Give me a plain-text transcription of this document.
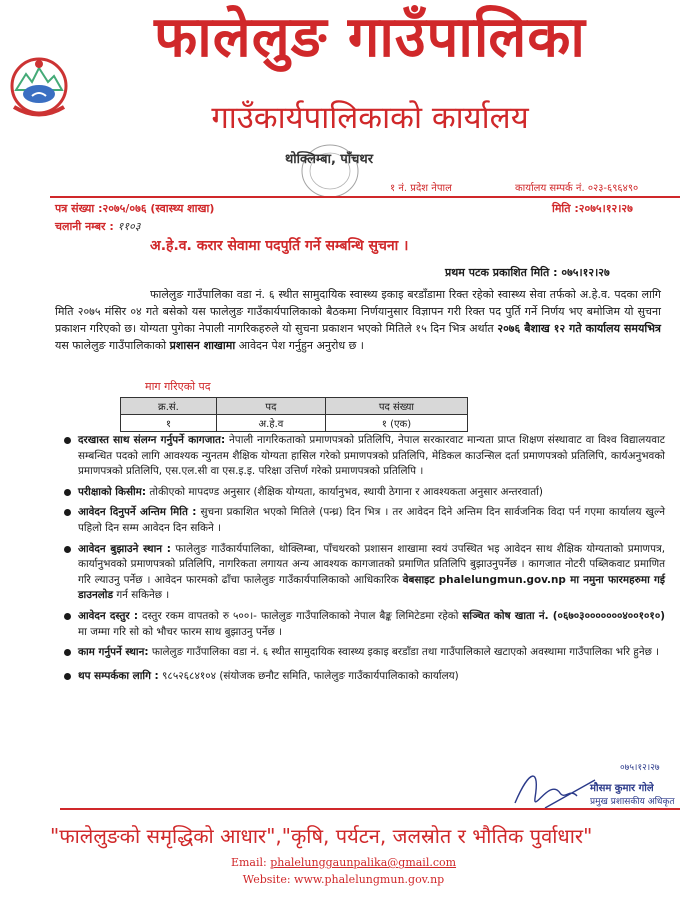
फालेलुङ गाउँपालिका
गाउँकार्यपालिकाको कार्यालय
थोक्लिम्बा, पाँचथर
१ नं. प्रदेश नेपाल	कार्यालय सम्पर्क नं. ०२३-६९६४९०
पत्र संख्या :२०७५/०७६ (स्वास्थ्य शाखा)	मिति :२०७५।१२।२७
चलानी नम्बर : ११०३
अ.हे.व. करार सेवामा पदपुर्ति गर्ने सम्बन्धि सुचना ।
प्रथम पटक प्रकाशित मिति : ०७५।१२।२७

फालेलुङ गाउँपालिका वडा नं. ६ स्थीत सामुदायिक स्वास्थ्य इकाइ बरडाँडामा रिक्त रहेको स्वास्थ्य सेवा तर्फको अ.हे.व. पदका लागि मिति २०७५ मंसिर ०४ गते बसेको यस फालेलुङ गाउँकार्यपालिकाको बैठकमा निर्णयानुसार विज्ञापन गरी रिक्त पद पुर्ति गर्ने निर्णय भए बमोजिम यो सुचना प्रकाशन गरिएको छ। योग्यता पुगेका नेपाली नागरिकहरुले यो सुचना प्रकाशन भएको मितिले १५ दिन भित्र अर्थात २०७६ बैशाख १२ गते कार्यालय समयभित्र यस फालेलुङ गाउँपालिकाको प्रशासन शाखामा आवेदन पेश गर्नुहुन अनुरोध छ ।

माग गरिएको पद
क्र.सं.	पद	पद संख्या
१	अ.हे.व	१ (एक)
दरखास्त साथ संलग्न गर्नुपर्ने कागजात: नेपाली नागरिकताको प्रमाणपत्रको प्रतिलिपि, नेपाल सरकारवाट मान्यता प्राप्त शिक्षण संस्थावाट वा विश्व विद्यालयवाट सम्बन्धित पदको लागि आवश्यक न्युनतम शैक्षिक योग्यता हासिल गरेको प्रमाणपत्रको प्रतिलिपि, मेडिकल काउन्सिल दर्ता प्रमाणपत्रको प्रतिलिपि, कार्यअनुभवको प्रमाणपत्रको प्रतिलिपि, एस.एल.सी वा एस.इ.इ. परिक्षा उत्तिर्ण गरेको प्रमाणपत्रको प्रतिलिपि ।
परीक्षाको किसीम: तोकीएको मापदण्ड अनुसार (शैक्षिक योग्यता, कार्यानुभव, स्थायी ठेगाना र आवश्यकता अनुसार अन्तरवार्ता)
आवेदन दिनुपर्ने अन्तिम मिति : सुचना प्रकाशित भएको मितिले (पन्ध्र) दिन भित्र । तर आवेदन दिने अन्तिम दिन सार्वजनिक विदा पर्न गएमा कार्यालय खुल्ने पहिलो दिन सम्म आवेदन दिन सकिने ।
आवेदन बुझाउने स्थान : फालेलुङ गाउँकार्यपालिका, थोक्लिम्बा, पाँचथरको प्रशासन शाखामा स्वयं उपस्थित भइ आवेदन साथ शैक्षिक योग्यताको प्रमाणपत्र, कार्यानुभवको प्रमाणपत्रको प्रतिलिपि, नागरिकता लगायत अन्य आवश्यक कागजातको प्रमाणित प्रतिलिपि बुझाउनुपर्नेछ । कागजात नोटरी पब्लिकवाट प्रमाणित गरि ल्याउनु पर्नेछ । आवेदन फारमको ढाँचा फालेलुङ गाउँकार्यपालिकाको आधिकारिक वेबसाइट phalelungmun.gov.np मा नमुना फारमहरुमा गई डाउनलोड गर्न सकिनेछ ।
आवेदन दस्तुर : दस्तुर रकम वापतको रु ५००।- फालेलुङ गाउँपालिकाको नेपाल बैङ्क लिमिटेडमा रहेको सञ्चित कोष खाता नं. (०६७०३०००००००४००१०१०) मा जम्मा गरि सो को भौचर फारम साथ बुझाउनु पर्नेछ ।
काम गर्नुपर्ने स्थान: फालेलुङ गाउँपालिका वडा नं. ६ स्थीत सामुदायिक स्वास्थ्य इकाइ बरडाँडा तथा गाउँपालिकाले खटाएको अवस्थामा गाउँपालिका भरि हुनेछ ।
थप सम्पर्कका लागि : ९८५२६८४१०४ (संयोजक छनौट समिति, फालेलुङ गाउँकार्यपालिकाको कार्यालय)
मौसम कुमार गोले
प्रमुख प्रशासकीय अधिकृत
०७५।१२।२७
"फालेलुङको समृद्धिको आधार","कृषि, पर्यटन, जलस्रोत र भौतिक पुर्वाधार"
Email: phalelunggaunpalika@gmail.com
Website: www.phalelungmun.gov.np
